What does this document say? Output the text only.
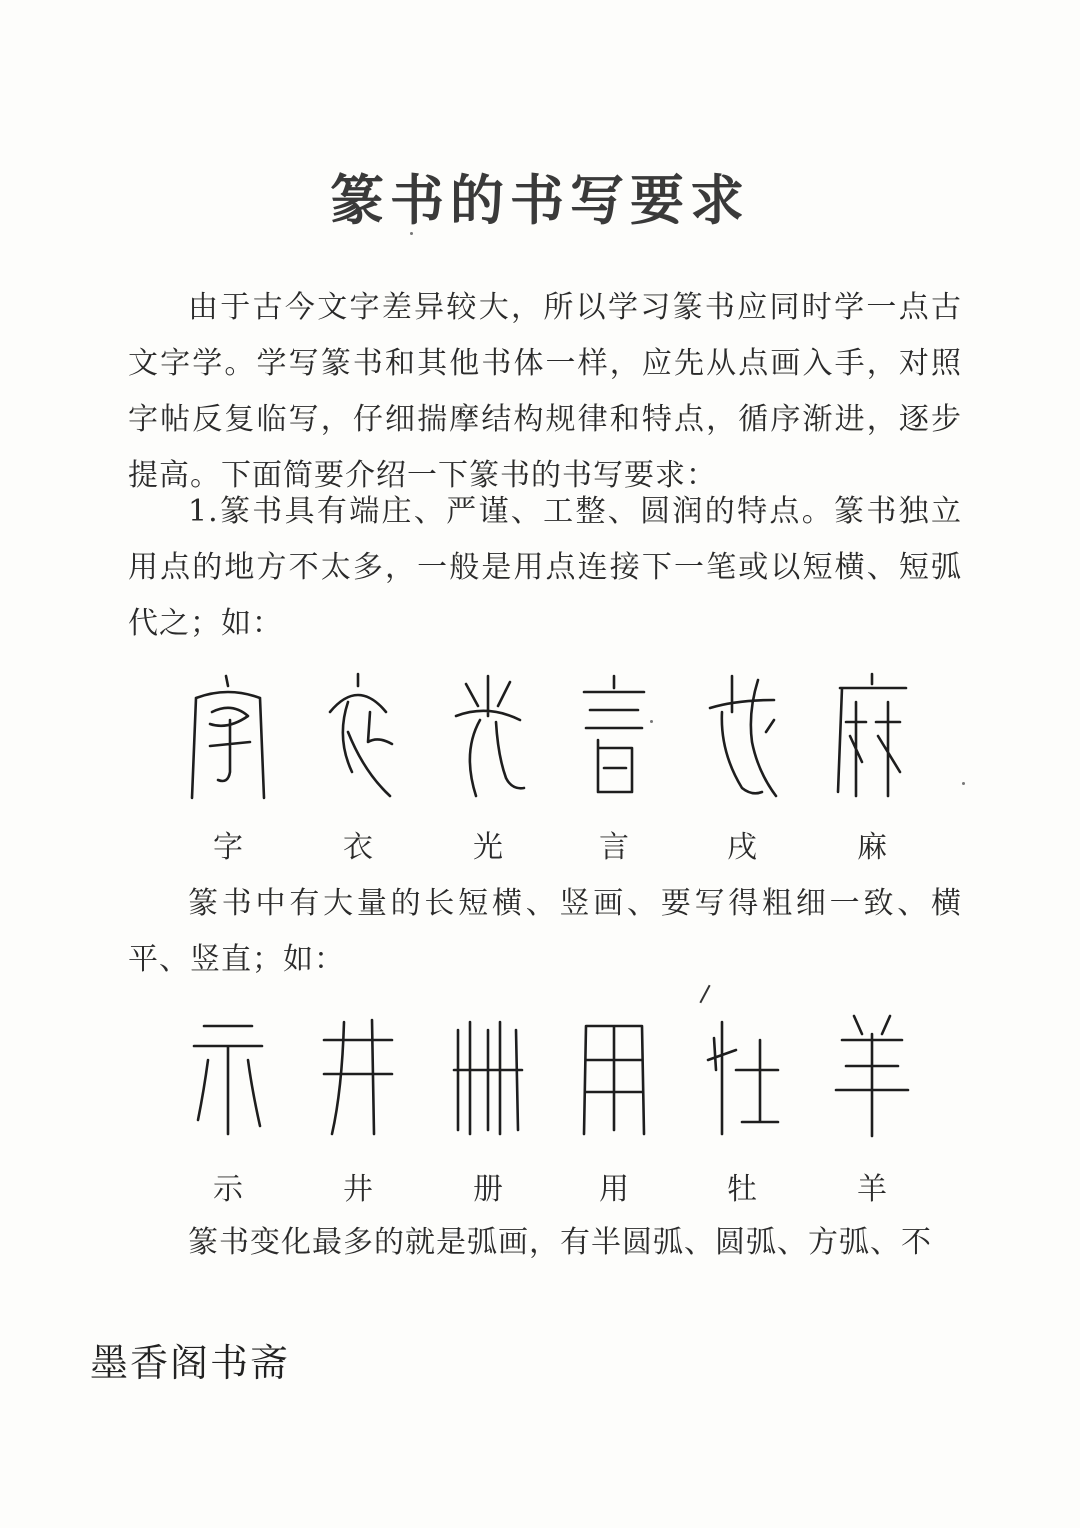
篆书的书写要求

由于古今文字差异较大，所以学习篆书应同时学一点古文字学。学写篆书和其他书体一样，应先从点画入手，对照字帖反复临写，仔细揣摩结构规律和特点，循序渐进，逐步提高。下面简要介绍一下篆书的书写要求：

1.篆书具有端庄、严谨、工整、圆润的特点。篆书独立用点的地方不太多，一般是用点连接下一笔或以短横、短弧代之；如：

字	衣	光	言	戌	麻

篆书中有大量的长短横、竖画、要写得粗细一致、横平、竖直；如：

示	井	册	用	牡	羊

篆书变化最多的就是弧画，有半圆弧、圆弧、方弧、不

墨香阁书斋
